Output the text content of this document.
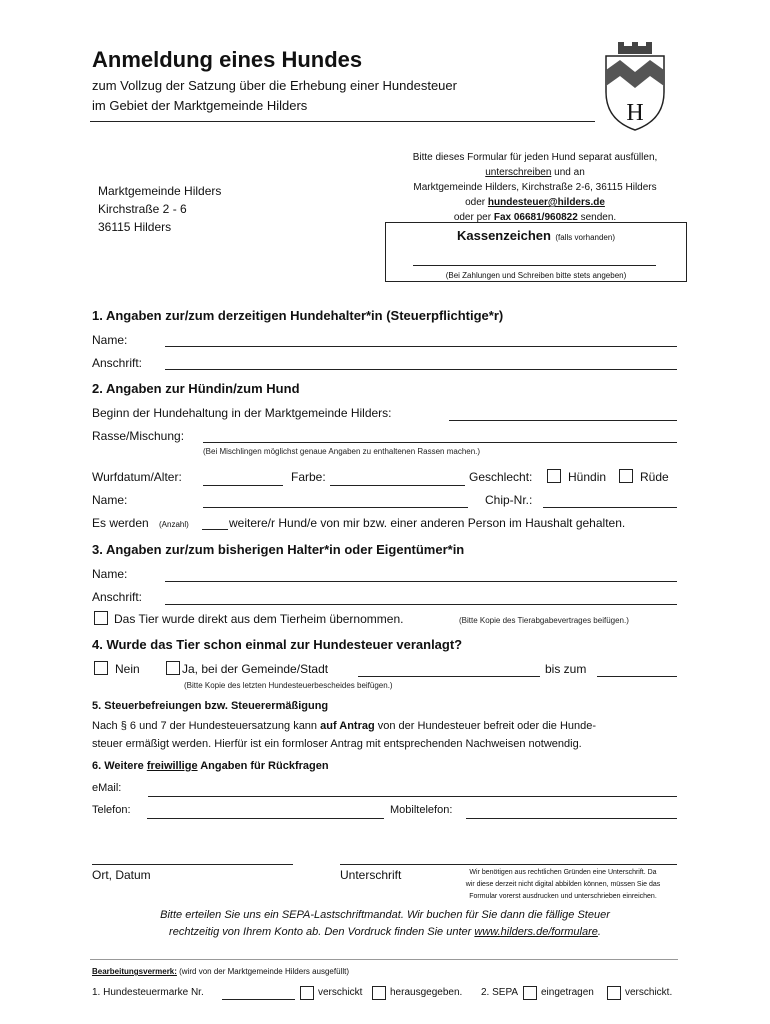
Anmeldung eines Hundes
zum Vollzug der Satzung über die Erhebung einer Hundesteuer
im Gebiet der Marktgemeinde Hilders	H
Marktgemeinde Hilders
Kirchstraße 2 - 6
36115 Hilders
Bitte dieses Formular für jeden Hund separat ausfüllen,
unterschreiben und an
Marktgemeinde Hilders, Kirchstraße 2-6, 36115 Hilders
oder hundesteuer@hilders.de
oder per Fax 06681/960822 senden.
Kassenzeichen (falls vorhanden)
(Bei Zahlungen und Schreiben bitte stets angeben)
1. Angaben zur/zum derzeitigen Hundehalter*in (Steuerpflichtige*r)
Name:
Anschrift:
2. Angaben zur Hündin/zum Hund
Beginn der Hundehaltung in der Marktgemeinde Hilders:
Rasse/Mischung:
(Bei Mischlingen möglichst genaue Angaben zu enthaltenen Rassen machen.)
Wurfdatum/Alter:	Farbe:	Geschlecht:	Hündin	Rüde
Name:	Chip-Nr.:
Es werden (Anzahl)	weitere/r Hund/e von mir bzw. einer anderen Person im Haushalt gehalten.
3. Angaben zur/zum bisherigen Halter*in oder Eigentümer*in
Name:
Anschrift:
Das Tier wurde direkt aus dem Tierheim übernommen.	(Bitte Kopie des Tierabgabevertrages beifügen.)
4. Wurde das Tier schon einmal zur Hundesteuer veranlagt?
Nein	Ja, bei der Gemeinde/Stadt	bis zum
(Bitte Kopie des letzten Hundesteuerbescheides beifügen.)
5. Steuerbefreiungen bzw. Steuerermäßigung
Nach § 6 und 7 der Hundesteuersatzung kann auf Antrag von der Hundesteuer befreit oder die Hunde-
steuer ermäßigt werden. Hierfür ist ein formloser Antrag mit entsprechenden Nachweisen notwendig.
6. Weitere freiwillige Angaben für Rückfragen
eMail:
Telefon:	Mobiltelefon:
Ort, Datum	Unterschrift	Wir benötigen aus rechtlichen Gründen eine Unterschrift. Da
wir diese derzeit nicht digital abbilden können, müssen Sie das
Formular vorerst ausdrucken und unterschrieben einreichen.
Bitte erteilen Sie uns ein SEPA-Lastschriftmandat. Wir buchen für Sie dann die fällige Steuer
rechtzeitig von Ihrem Konto ab. Den Vordruck finden Sie unter www.hilders.de/formulare.
Bearbeitungsvermerk: (wird von der Marktgemeinde Hilders ausgefüllt)
1. Hundesteuermarke Nr.	verschickt	herausgegeben. 2. SEPA eingetragen	verschickt.
